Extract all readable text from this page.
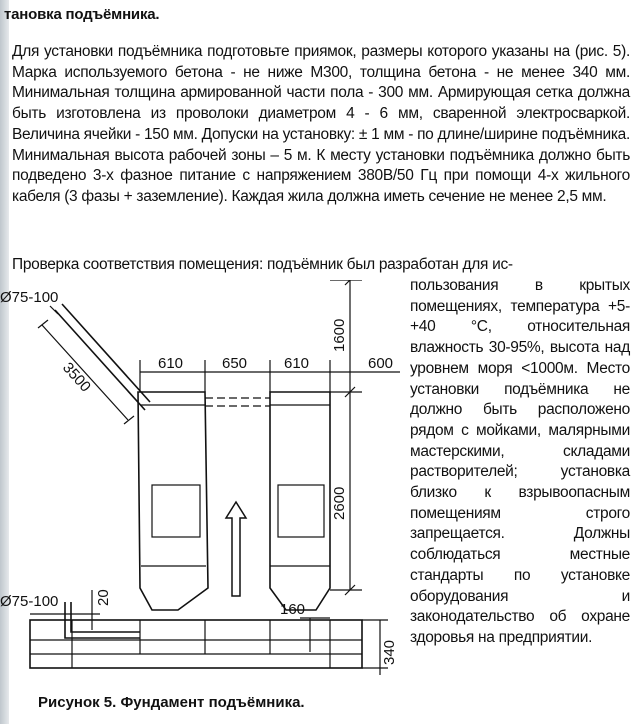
тановка подъёмника.
Для установки подъёмника подготовьте приямок, размеры которого указаны на (рис. 5). Марка используемого бетона - не ниже М300, толщина бетона - не менее 340 мм. Минимальная толщина армированной части пола - 300 мм. Армирующая сетка должна быть изготовлена из проволоки диаметром 4 - 6 мм, сваренной электросваркой. Величина ячейки - 150 мм. Допуски на установку: ± 1 мм - по длине/ширине подъёмника. Минимальная высота рабочей зоны – 5 м. К месту установки подъёмника должно быть подведено 3-х фазное питание с напряжением 380В/50 Гц при помощи 4-х жильного кабеля (3 фазы + заземление). Каждая жила должна иметь сечение не менее 2,5 мм.
Проверка соответствия помещения: подъёмник был разработан для ис-
пользования в крытых помещениях, температура +5-+40 °С, относительная влажность 30-95%, высота над уровнем моря <1000м. Место установки подъёмника не должно быть расположено рядом с мойками, малярными мастерскими, складами растворителей; установка близко к взрывоопасным помещениям строго запрещается. Должны соблюдаться местные стандарты по установке оборудования и законодательство об охране здоровья на предприятии.
Ø75-100
3500	610	650 610	600
1600
2600
Ø75-100 20
160
340
Рисунок 5. Фундамент подъёмника.
